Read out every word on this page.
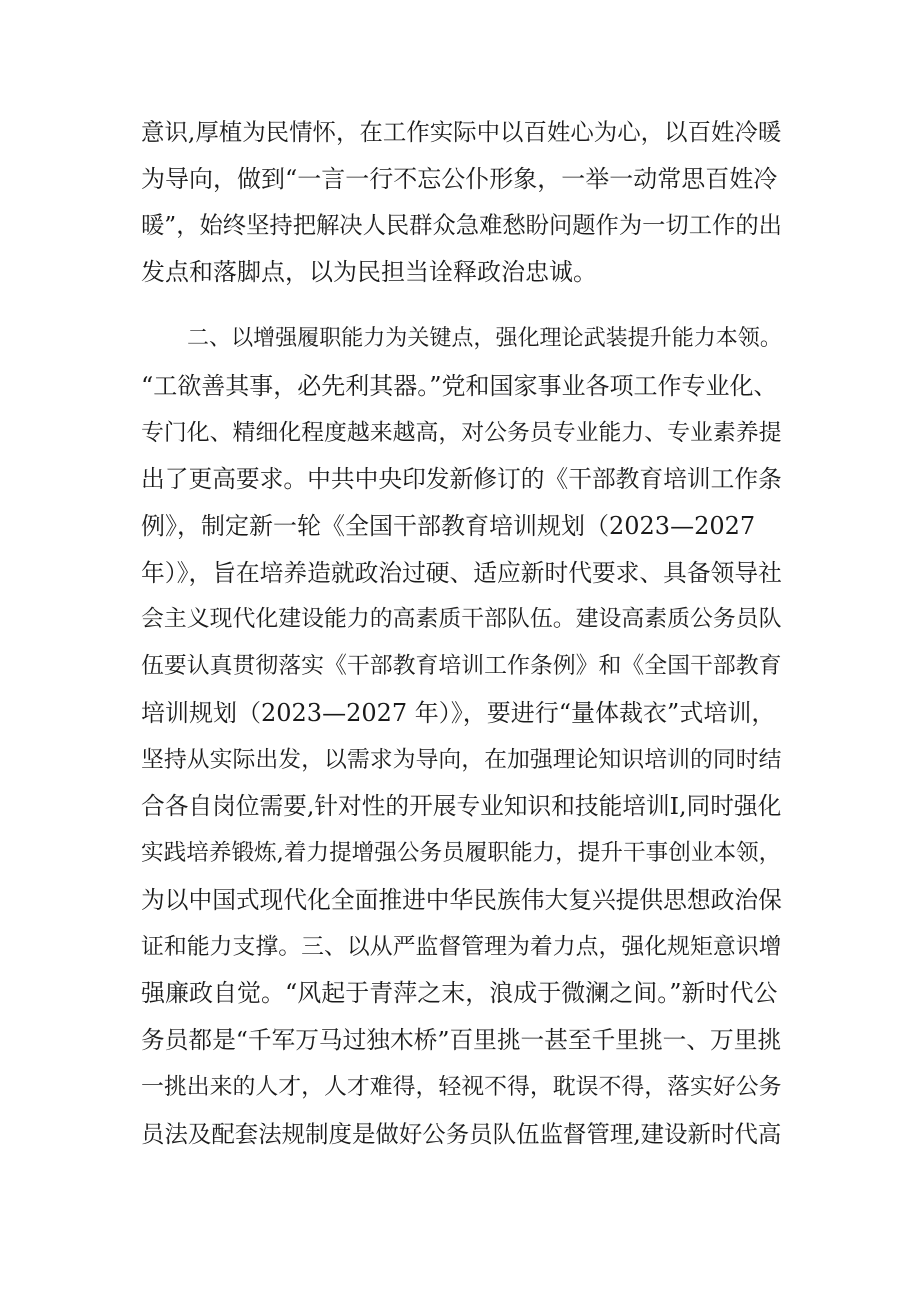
意识,厚植为民情怀，在工作实际中以百姓心为心，以百姓冷暖
为导向，做到“一言一行不忘公仆形象，一举一动常思百姓冷
暖”，始终坚持把解决人民群众急难愁盼问题作为一切工作的出
发点和落脚点，以为民担当诠释政治忠诚。
二、以增强履职能力为关键点，强化理论武装提升能力本领。
“工欲善其事，必先利其器。”党和国家事业各项工作专业化、
专门化、精细化程度越来越高，对公务员专业能力、专业素养提
出了更高要求。中共中央印发新修订的《干部教育培训工作条
例》，制定新一轮《全国干部教育培训规划（2023—2027
年）》，旨在培养造就政治过硬、适应新时代要求、具备领导社
会主义现代化建设能力的高素质干部队伍。建设高素质公务员队
伍要认真贯彻落实《干部教育培训工作条例》和《全国干部教育
培训规划（2023—2027 年）》，要进行“量体裁衣”式培训，
坚持从实际出发，以需求为导向，在加强理论知识培训的同时结
合各自岗位需要,针对性的开展专业知识和技能培训I,同时强化
实践培养锻炼,着力提增强公务员履职能力，提升干事创业本领，
为以中国式现代化全面推进中华民族伟大复兴提供思想政治保
证和能力支撑。三、以从严监督管理为着力点，强化规矩意识增
强廉政自觉。“风起于青萍之末，浪成于微澜之间。”新时代公
务员都是“千军万马过独木桥”百里挑一甚至千里挑一、万里挑
一挑出来的人才，人才难得，轻视不得，耽误不得，落实好公务
员法及配套法规制度是做好公务员队伍监督管理,建设新时代高
